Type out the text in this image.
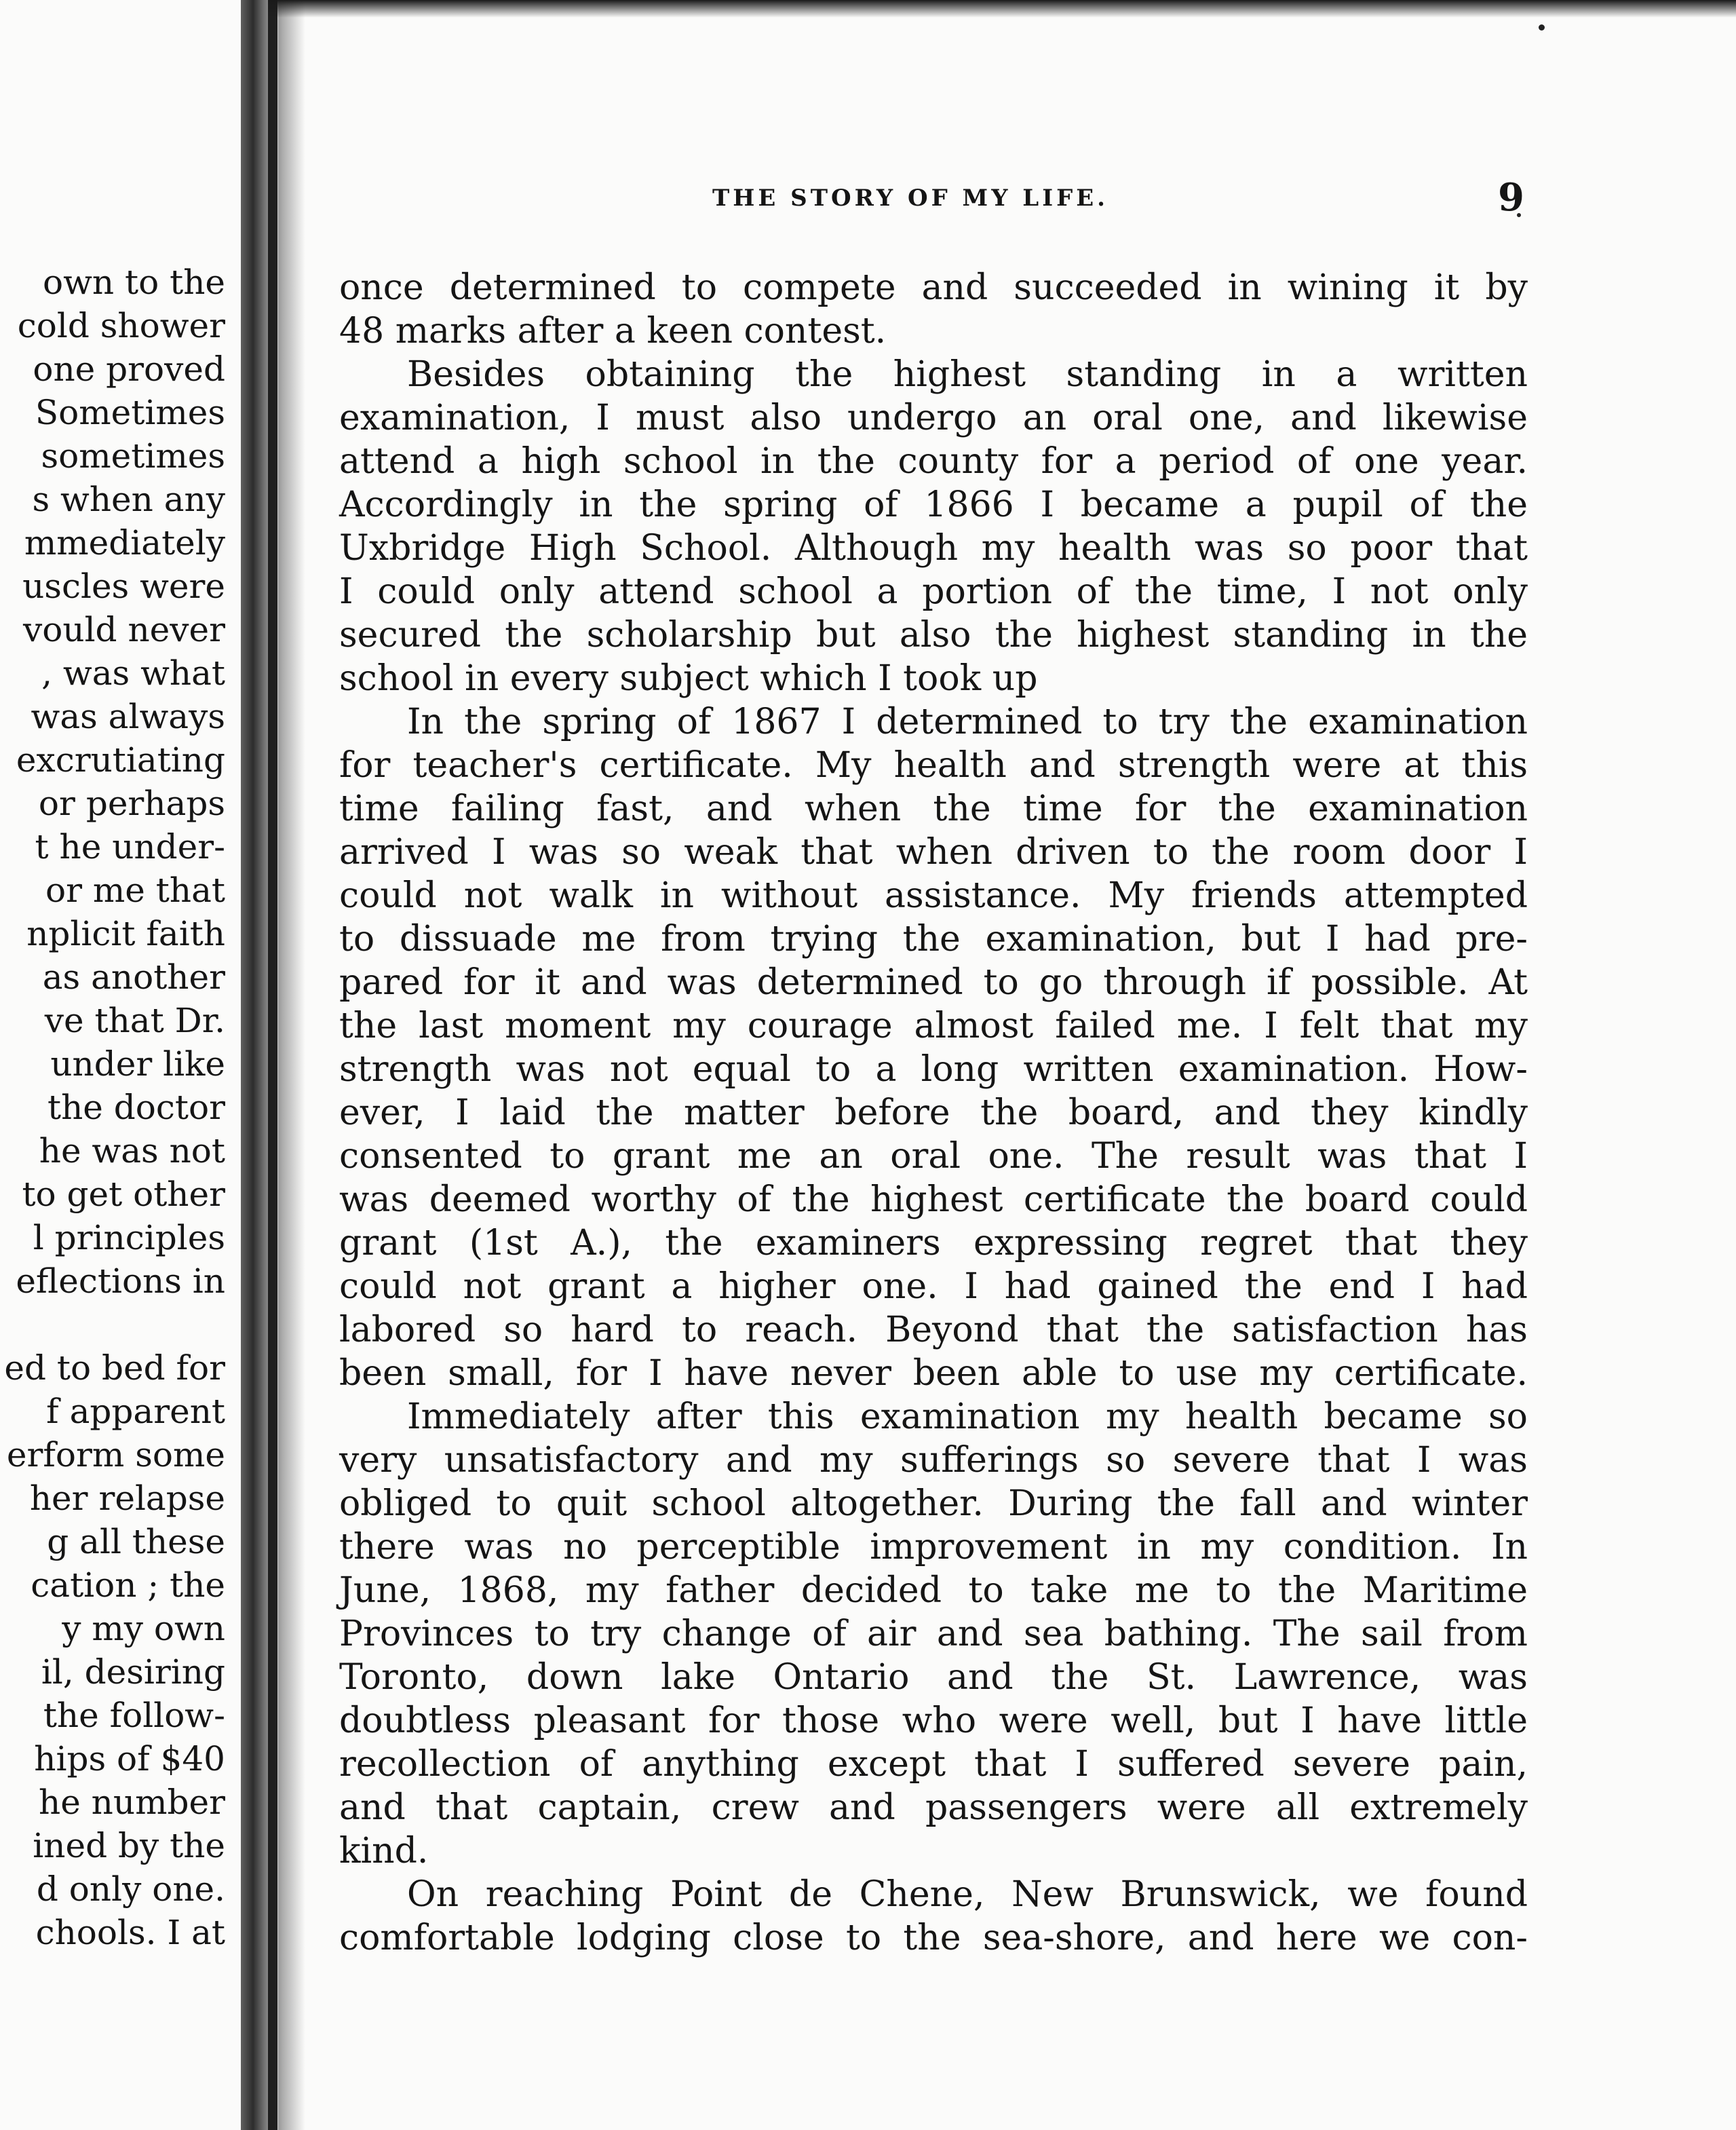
own to the
cold shower
one proved
Sometimes
sometimes
s when any
mmediately
uscles were
vould never
, was what
was always
excrutiating
or perhaps
t he under-
or me that
nplicit faith
as another
ve that Dr.
under like
the doctor
he was not
to get other
l principles
eflections in
ed to bed for
f apparent
erform some
her relapse
g all these
cation ; the
y my own
il, desiring
the follow-
hips of $40
he number
ined by the
d only one.
chools. I at
THE STORY OF MY LIFE.	9
once determined to compete and succeeded in wining it by
48 marks after a keen contest.
Besides obtaining the highest standing in a written
examination, I must also undergo an oral one, and likewise
attend a high school in the county for a period of one year.
Accordingly in the spring of 1866 I became a pupil of the
Uxbridge High School. Although my health was so poor that
I could only attend school a portion of the time, I not only
secured the scholarship but also the highest standing in the
school in every subject which I took up
In the spring of 1867 I determined to try the examination
for teacher's certificate. My health and strength were at this
time failing fast, and when the time for the examination
arrived I was so weak that when driven to the room door I
could not walk in without assistance. My friends attempted
to dissuade me from trying the examination, but I had pre-
pared for it and was determined to go through if possible. At
the last moment my courage almost failed me. I felt that my
strength was not equal to a long written examination. How-
ever, I laid the matter before the board, and they kindly
consented to grant me an oral one. The result was that I
was deemed worthy of the highest certificate the board could
grant (1st A.), the examiners expressing regret that they
could not grant a higher one. I had gained the end I had
labored so hard to reach. Beyond that the satisfaction has
been small, for I have never been able to use my certificate.
Immediately after this examination my health became so
very unsatisfactory and my sufferings so severe that I was
obliged to quit school altogether. During the fall and winter
there was no perceptible improvement in my condition. In
June, 1868, my father decided to take me to the Maritime
Provinces to try change of air and sea bathing. The sail from
Toronto, down lake Ontario and the St. Lawrence, was
doubtless pleasant for those who were well, but I have little
recollection of anything except that I suffered severe pain,
and that captain, crew and passengers were all extremely
kind.
On reaching Point de Chene, New Brunswick, we found
comfortable lodging close to the sea-shore, and here we con-
